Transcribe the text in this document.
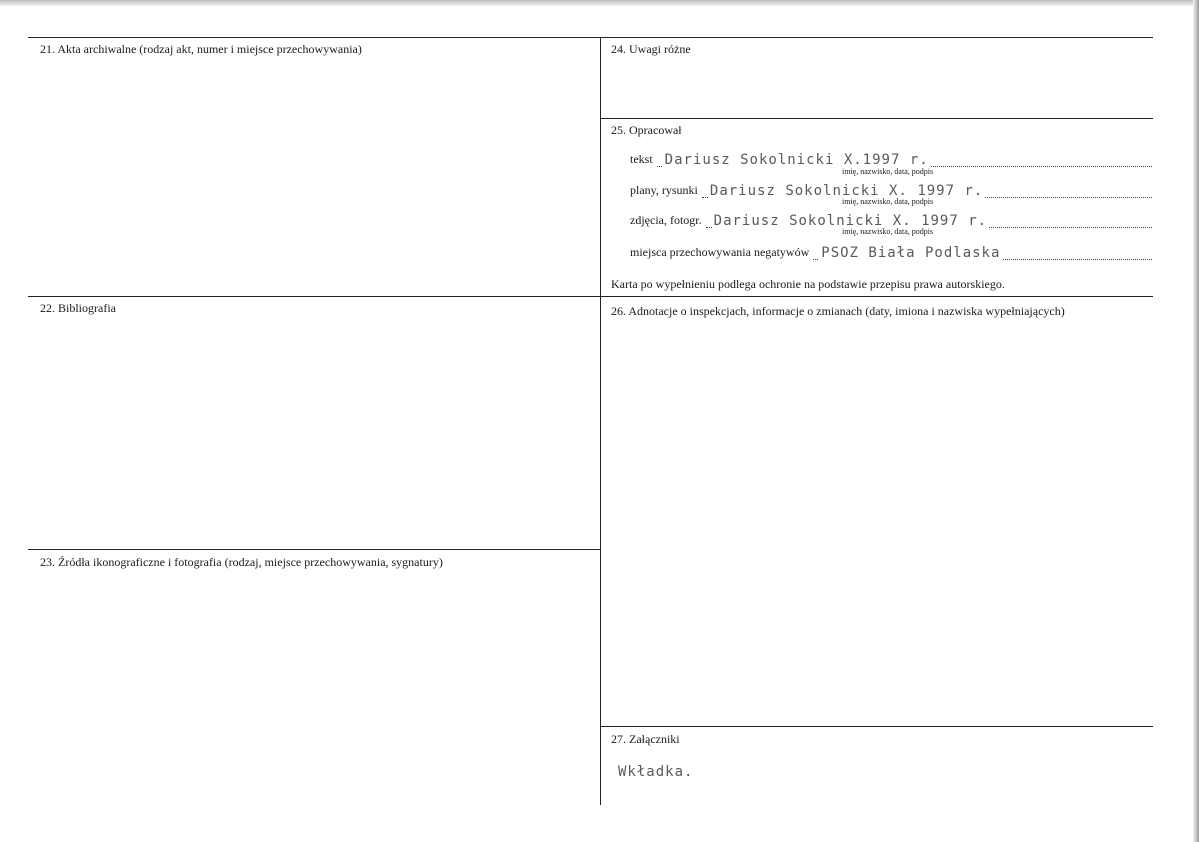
21. Akta archiwalne (rodzaj akt, numer i miejsce przechowywania)
22. Bibliografia
23. Źródła ikonograficzne i fotografia (rodzaj, miejsce przechowywania, sygnatury)
24. Uwagi różne
25. Opracował
tekst Dariusz Sokolnicki X.1997 r.
imię, nazwisko, data, podpis
plany, rysunki Dariusz Sokolnicki X. 1997 r.
imię, nazwisko, data, podpis
zdjęcia, fotogr. Dariusz Sokolnicki X. 1997 r.
imię, nazwisko, data, podpis
miejsca przechowywania negatywów PSOZ Biała Podlaska
Karta po wypełnieniu podlega ochronie na podstawie przepisu prawa autorskiego.
26. Adnotacje o inspekcjach, informacje o zmianach (daty, imiona i nazwiska wypełniających)
27. Załączniki
Wkładka.
